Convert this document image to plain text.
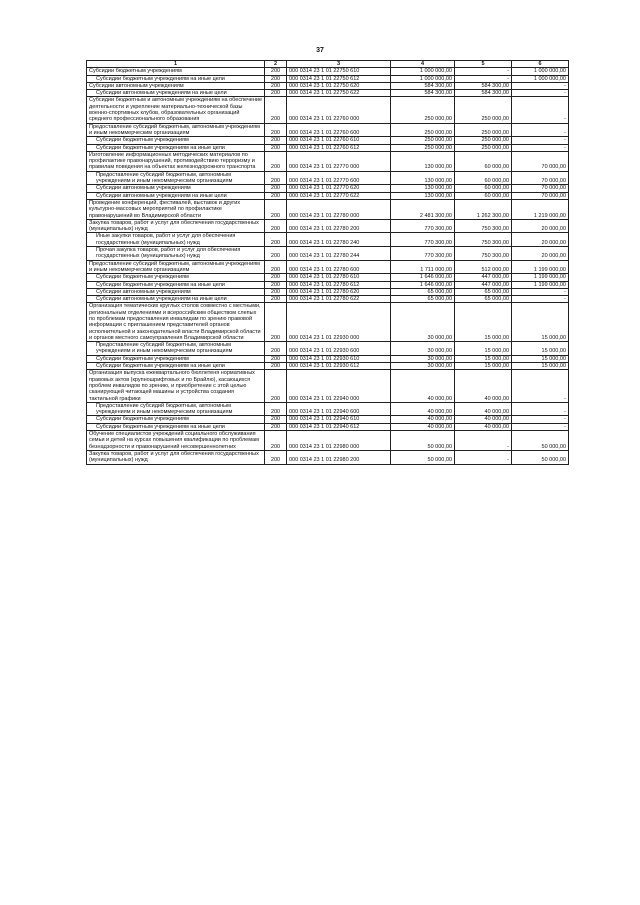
37
1	2	3	4	5	6
Субсидии бюджетным учреждениям	200	000 0314 23 1 01 22750 610	1 000 000,00	-	1 000 000,00
Субсидии бюджетным учреждениям на иные цели	200	000 0314 23 1 01 22750 612	1 000 000,00	-	1 000 000,00
Субсидии автономным учреждениям	200	000 0314 23 1 01 22750 620	584 300,00	584 300,00	-
Субсидии автономным учреждениям на иные цели	200	000 0314 23 1 01 22750 622	584 300,00	584 300,00	-
Субсидии бюджетным и автономным учреждениям на обеспечение деятельности и укрепление материально-технической базы военно-спортивных клубов, образовательных организаций среднего профессионального образования	200	000 0314 23 1 01 22760 000	250 000,00	250 000,00	-
Предоставление субсидий бюджетным, автономным учреждениям и иным некоммерческим организациям	200	000 0314 23 1 01 22760 600	250 000,00	250 000,00	-
Субсидии бюджетным учреждениям	200	000 0314 23 1 01 22760 610	250 000,00	250 000,00	-
Субсидии бюджетным учреждениям на иные цели	200	000 0314 23 1 01 22760 612	250 000,00	250 000,00	-
Изготовление информационных методических материалов по профилактике правонарушений, противодействию терроризму и правилам поведения на объектах железнодорожного транспорта	200	000 0314 23 1 01 22770 000	130 000,00	60 000,00	70 000,00
Предоставление субсидий бюджетным, автономным учреждениям и иным некоммерческим организациям	200	000 0314 23 1 01 22770 600	130 000,00	60 000,00	70 000,00
Субсидии автономным учреждениям	200	000 0314 23 1 01 22770 620	130 000,00	60 000,00	70 000,00
Субсидии автономным учреждениям на иные цели	200	000 0314 23 1 01 22770 622	130 000,00	60 000,00	70 000,00
Проведение конференций, фестивалей, выставок и других культурно-массовых мероприятий по профилактике правонарушений во Владимирской области	200	000 0314 23 1 01 22780 000	2 481 300,00	1 262 300,00	1 219 000,00
Закупка товаров, работ и услуг для обеспечения государственных (муниципальных) нужд	200	000 0314 23 1 01 22780 200	770 300,00	750 300,00	20 000,00
Иные закупки товаров, работ и услуг для обеспечения государственных (муниципальных) нужд	200	000 0314 23 1 01 22780 240	770 300,00	750 300,00	20 000,00
Прочая закупка товаров, работ и услуг для обеспечения государственных (муниципальных) нужд	200	000 0314 23 1 01 22780 244	770 300,00	750 300,00	20 000,00
Предоставление субсидий бюджетным, автономным учреждениям и иным некоммерческим организациям	200	000 0314 23 1 01 22780 600	1 711 000,00	512 000,00	1 199 000,00
Субсидии бюджетным учреждениям	200	000 0314 23 1 01 22780 610	1 646 000,00	447 000,00	1 199 000,00
Субсидии бюджетным учреждениям на иные цели	200	000 0314 23 1 01 22780 612	1 646 000,00	447 000,00	1 199 000,00
Субсидии автономным учреждениям	200	000 0314 23 1 01 22780 620	65 000,00	65 000,00	-
Субсидии автономным учреждениям на иные цели	200	000 0314 23 1 01 22780 622	65 000,00	65 000,00	-
Организация тематических круглых столов совместно с местными, региональным отделениями и всероссийским обществом слепых по проблемам предоставления инвалидам по зрению правовой информации с приглашением представителей органов исполнительной и законодательной власти Владимирской области и органов местного самоуправления Владимирской области	200	000 0314 23 1 01 22930 000	30 000,00	15 000,00	15 000,00
Предоставление субсидий бюджетным, автономным учреждениям и иным некоммерческим организациям	200	000 0314 23 1 01 22930 600	30 000,00	15 000,00	15 000,00
Субсидии бюджетным учреждениям	200	000 0314 23 1 01 22930 610	30 000,00	15 000,00	15 000,00
Субсидии бюджетным учреждениям на иные цели	200	000 0314 23 1 01 22930 612	30 000,00	15 000,00	15 000,00
Организация выпуска ежеквартального бюллетеня нормативных правовых актов (крупношрифтовых и по Брайлю), касающихся проблем инвалидов по зрению, и приобретение с этой целью сканирующей читающей машины и устройства создания тактильной графики	200	000 0314 23 1 01 22940 000	40 000,00	40 000,00	-
Предоставление субсидий бюджетным, автономным учреждениям и иным некоммерческим организациям	200	000 0314 23 1 01 22940 600	40 000,00	40 000,00	-
Субсидии бюджетным учреждениям	200	000 0314 23 1 01 22940 610	40 000,00	40 000,00	-
Субсидии бюджетным учреждениям на иные цели	200	000 0314 23 1 01 22940 612	40 000,00	40 000,00	-
Обучение специалистов учреждений социального обслуживания семьи и детей на курсах повышения квалификации по проблемам безнадзорности и правонарушений несовершеннолетних	200	000 0314 23 1 01 22980 000	50 000,00	-	50 000,00
Закупка товаров, работ и услуг для обеспечения государственных (муниципальных) нужд	200	000 0314 23 1 01 22980 200	50 000,00	-	50 000,00
